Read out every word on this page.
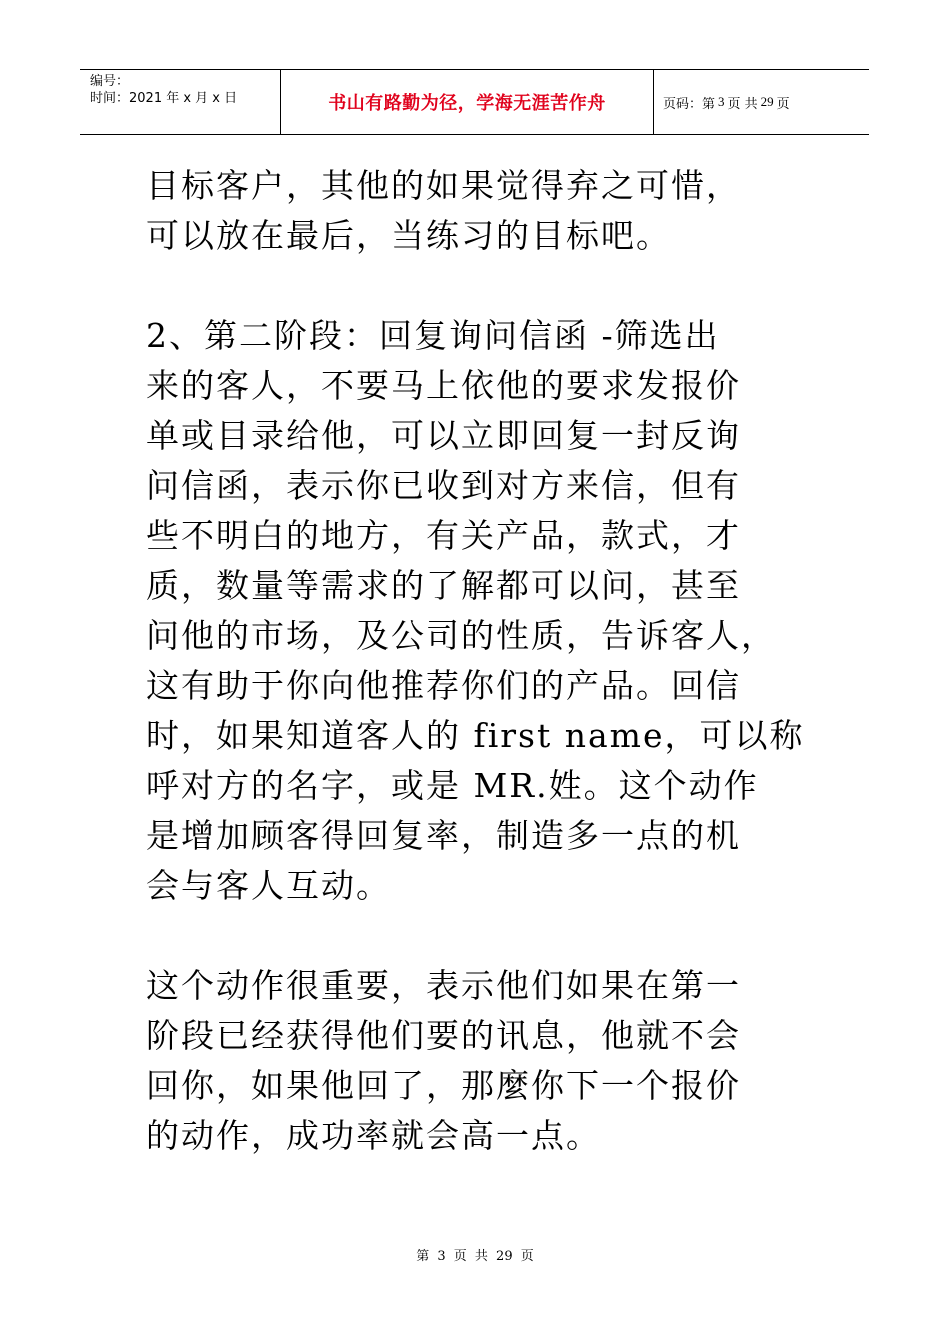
编号：
时间：2021 年 x 月 x 日	书山有路勤为径，学海无涯苦作舟	页码：第 3 页 共 29 页

目标客户，其他的如果觉得弃之可惜，

可以放在最后，当练习的目标吧。

2、第二阶段：回复询问信函 -筛选出

来的客人，不要马上依他的要求发报价

单或目录给他，可以立即回复一封反询

问信函，表示你已收到对方来信，但有

些不明白的地方，有关产品，款式，才

质，数量等需求的了解都可以问，甚至

问他的市场，及公司的性质，告诉客人，

这有助于你向他推荐你们的产品。回信

时，如果知道客人的 first name，可以称

呼对方的名字，或是 MR.姓。这个动作

是增加顾客得回复率，制造多一点的机

会与客人互动。

这个动作很重要，表示他们如果在第一

阶段已经获得他们要的讯息，他就不会

回你，如果他回了，那麼你下一个报价

的动作，成功率就会高一点。

第 3 页 共 29 页
